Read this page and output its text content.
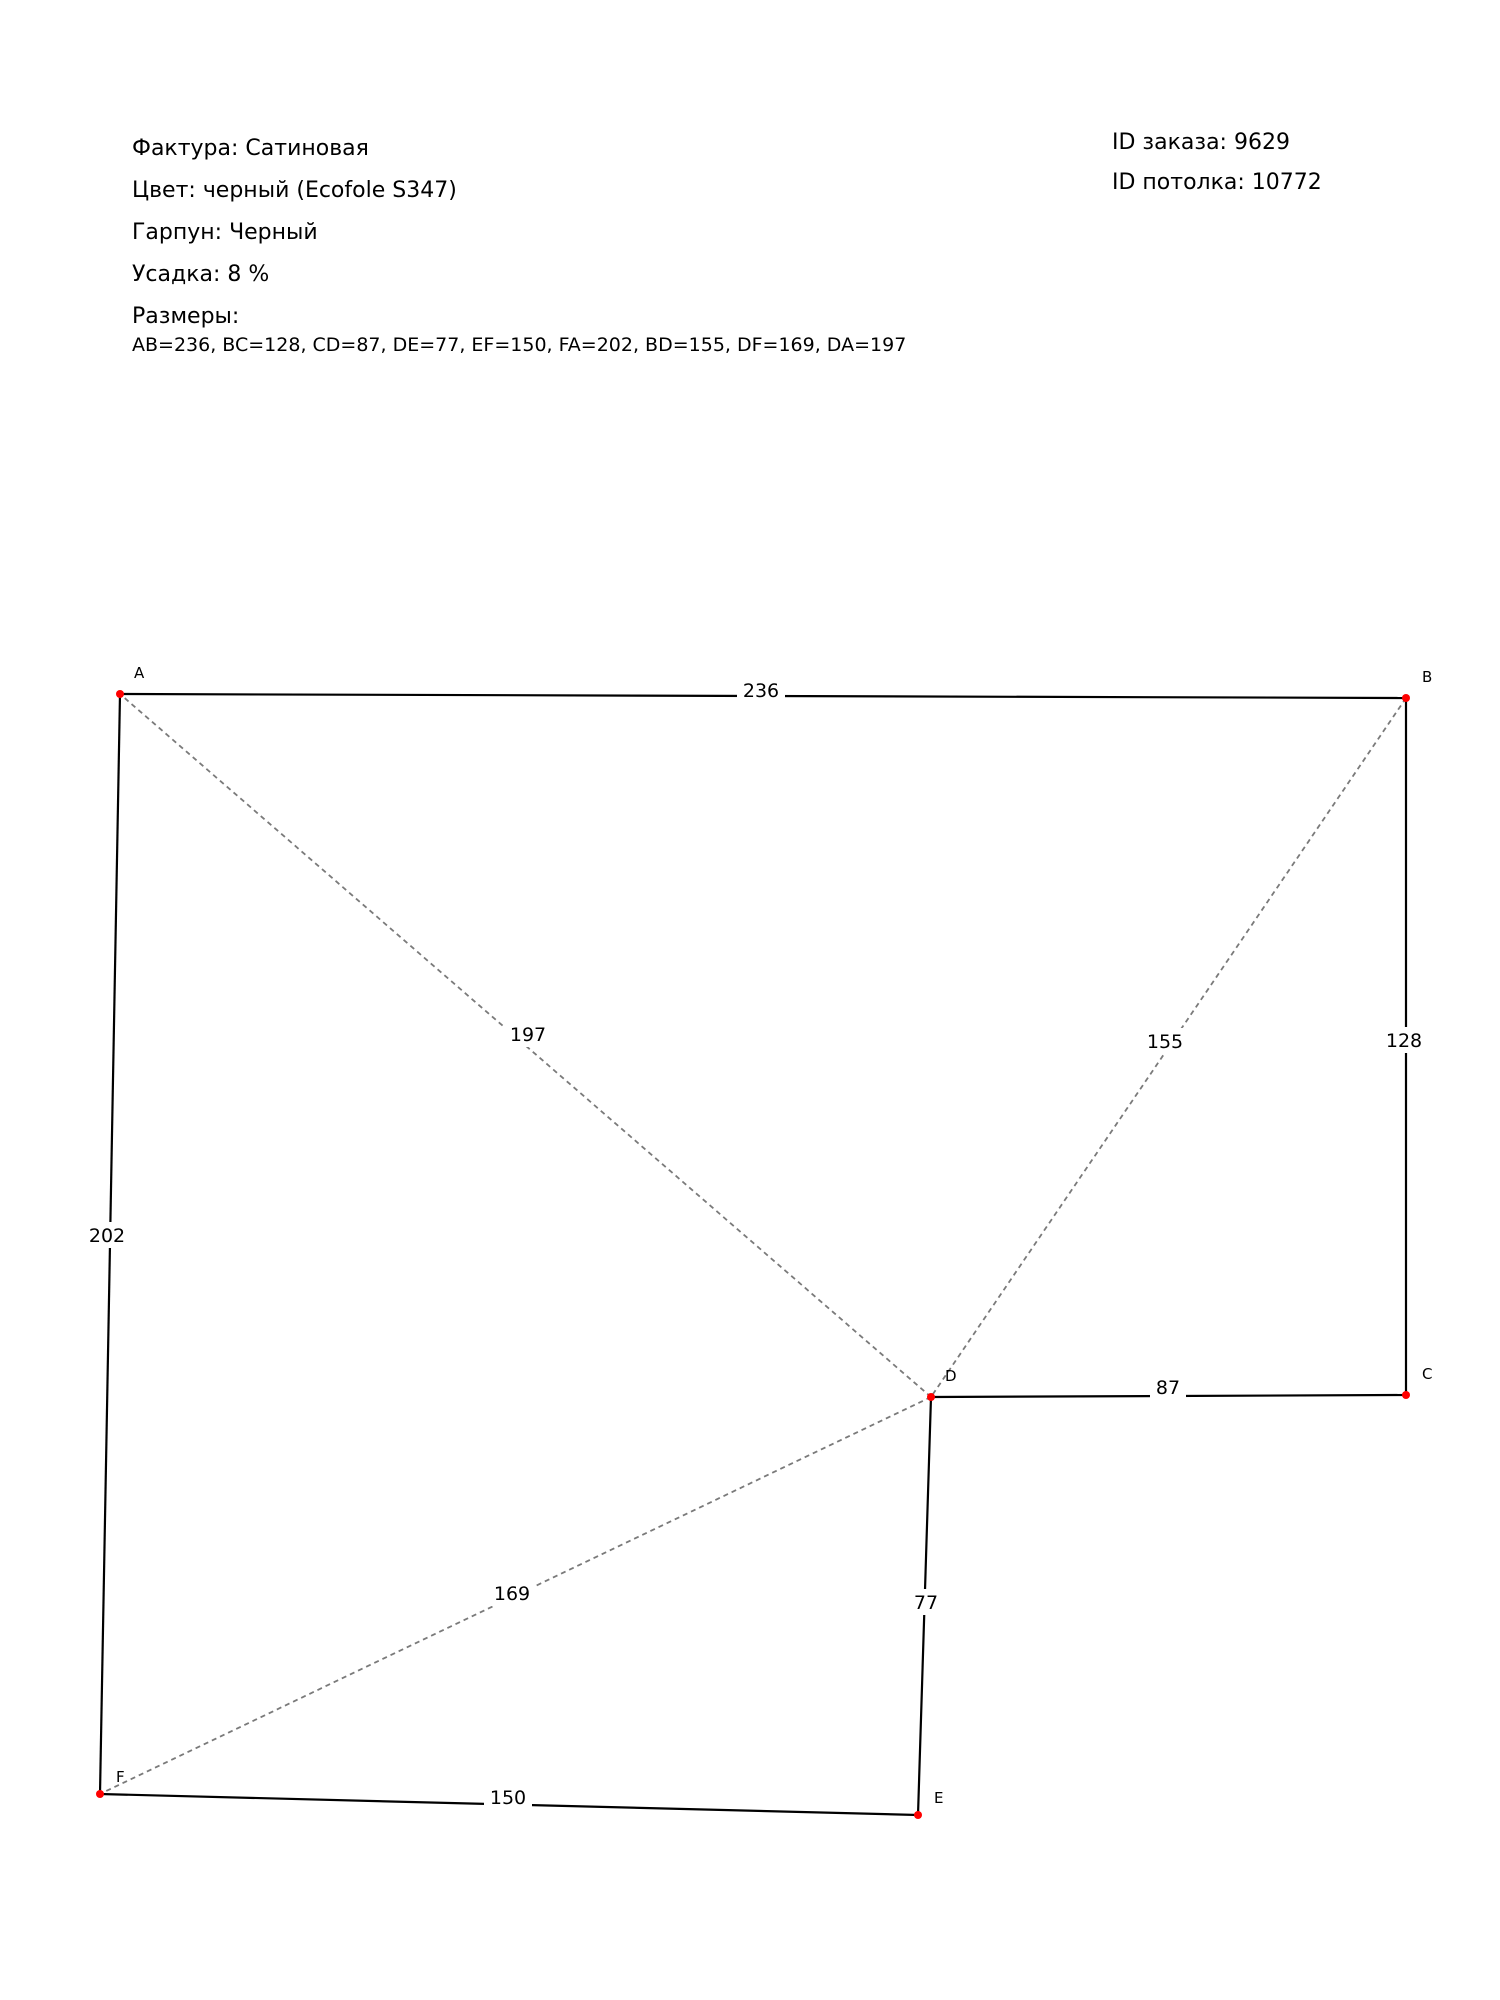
Фактура: Сатиновая
Цвет: черный (Ecofole S347)
Гарпун: Черный
Усадка: 8 %
Размеры:
AB=236, BC=128, CD=87, DE=77, EF=150, FA=202, BD=155, DF=169, DA=197
ID заказа: 9629
ID потолка: 10772
155
169
197
236
128
87
77
150
202
A	B
C
D
E
F
